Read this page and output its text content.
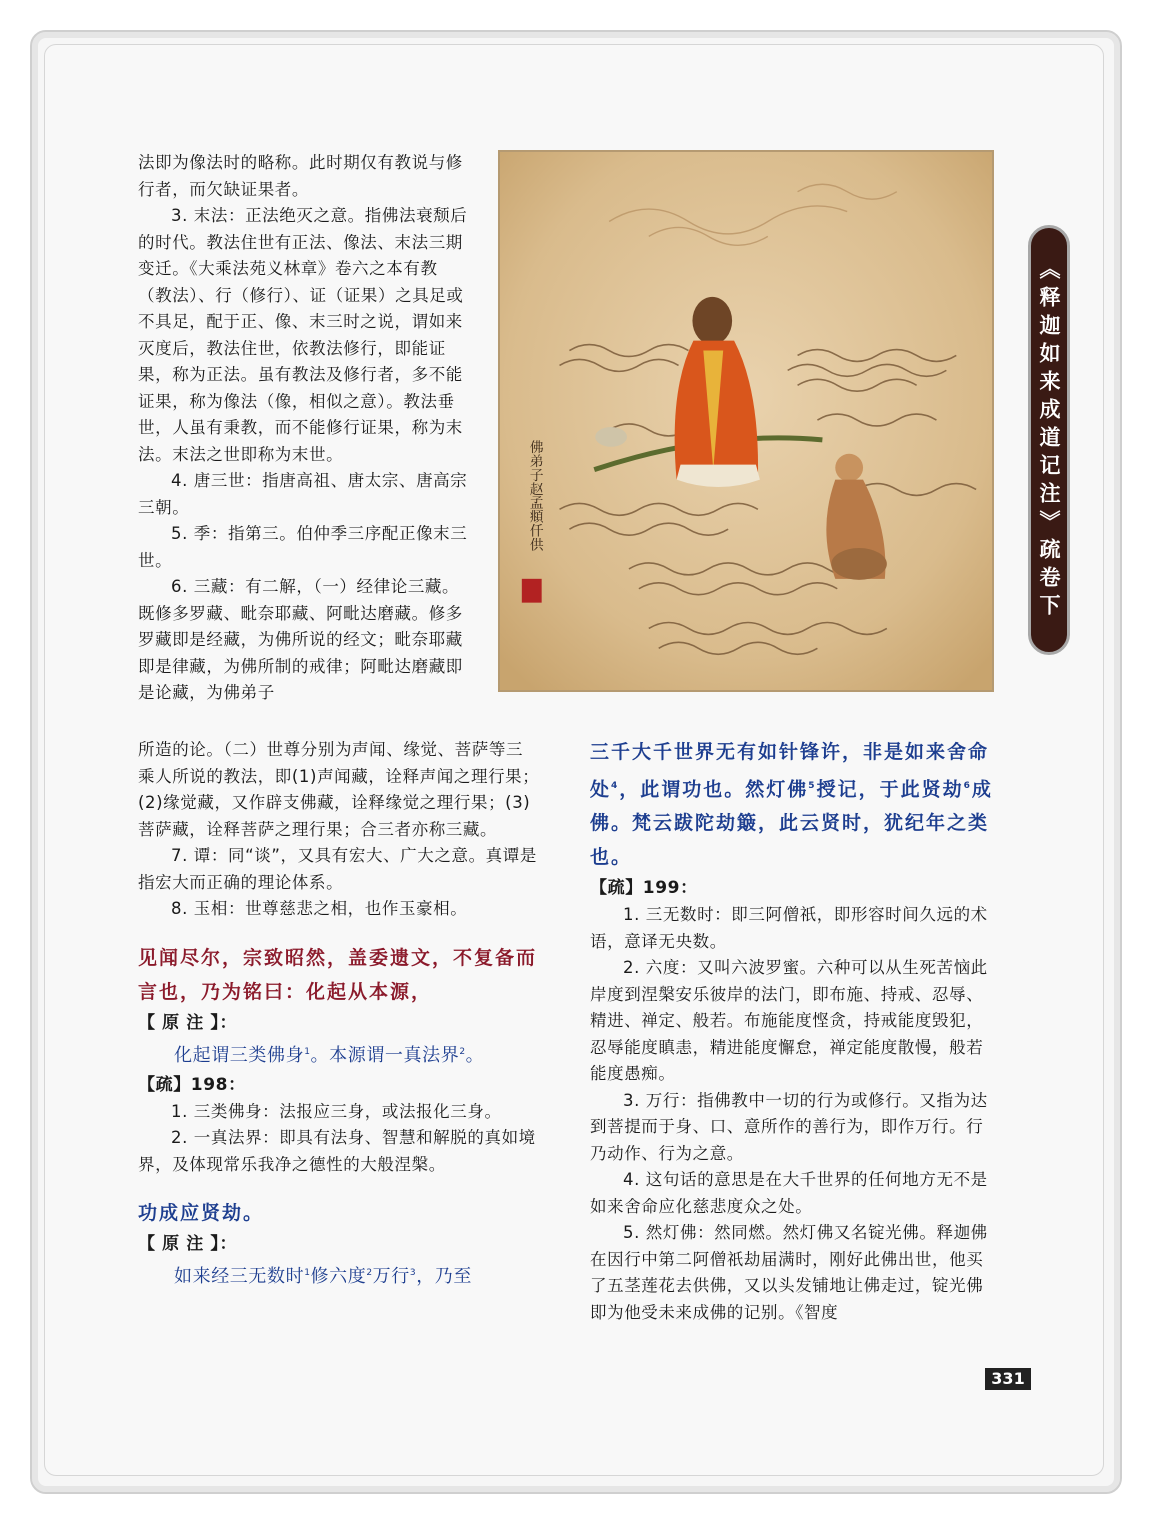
法即为像法时的略称。此时期仅有教说与修行者，而欠缺证果者。

3. 末法：正法绝灭之意。指佛法衰颓后的时代。教法住世有正法、像法、末法三期变迁。《大乘法苑义林章》卷六之本有教（教法）、行（修行）、证（证果）之具足或不具足，配于正、像、末三时之说，谓如来灭度后，教法住世，依教法修行，即能证果，称为正法。虽有教法及修行者，多不能证果，称为像法（像，相似之意）。教法垂世，人虽有秉教，而不能修行证果，称为末法。末法之世即称为末世。

4. 唐三世：指唐高祖、唐太宗、唐高宗三朝。

5. 季：指第三。伯仲季三序配正像末三世。

6. 三藏：有二解，（一）经律论三藏。既修多罗藏、毗奈耶藏、阿毗达磨藏。修多罗藏即是经藏，为佛所说的经文；毗奈耶藏即是律藏，为佛所制的戒律；阿毗达磨藏即是论藏，为佛弟子

佛弟子赵孟頫仟供	《释迦如来成道记注》疏卷下

所造的论。（二）世尊分别为声闻、缘觉、菩萨等三乘人所说的教法，即(1)声闻藏，诠释声闻之理行果；(2)缘觉藏，又作辟支佛藏，诠释缘觉之理行果；(3)菩萨藏，诠释菩萨之理行果；合三者亦称三藏。

7. 谭：同“谈”，又具有宏大、广大之意。真谭是指宏大而正确的理论体系。

8. 玉相：世尊慈悲之相，也作玉豪相。

见闻尽尔，宗致昭然，盖委遗文，不复备而言也，乃为铭曰：化起从本源，

【 原 注 】：

化起谓三类佛身$^1$。本源谓一真法界$^2$。

【疏】198：

1. 三类佛身：法报应三身，或法报化三身。

2. 一真法界：即具有法身、智慧和解脱的真如境界，及体现常乐我净之德性的大般涅槃。

功成应贤劫。

【 原 注 】：

如来经三无数时$^1$修六度$^2$万行$^3$，乃至

三千大千世界无有如针锋许，非是如来舍命处$^4$，此谓功也。然灯佛$^5$授记，于此贤劫$^6$成佛。梵云跋陀劫簸，此云贤时，犹纪年之类也。

【疏】199：

1. 三无数时：即三阿僧祇，即形容时间久远的术语，意译无央数。

2. 六度：又叫六波罗蜜。六种可以从生死苦恼此岸度到涅槃安乐彼岸的法门，即布施、持戒、忍辱、精进、禅定、般若。布施能度悭贪，持戒能度毁犯，忍辱能度瞋恚，精进能度懈怠，禅定能度散慢，般若能度愚痴。

3. 万行：指佛教中一切的行为或修行。又指为达到菩提而于身、口、意所作的善行为，即作万行。行乃动作、行为之意。

4. 这句话的意思是在大千世界的任何地方无不是如来舍命应化慈悲度众之处。

5. 然灯佛：然同燃。然灯佛又名锭光佛。释迦佛在因行中第二阿僧祇劫届满时，刚好此佛出世，他买了五茎莲花去供佛，又以头发铺地让佛走过，锭光佛即为他受未来成佛的记别。《智度

331
